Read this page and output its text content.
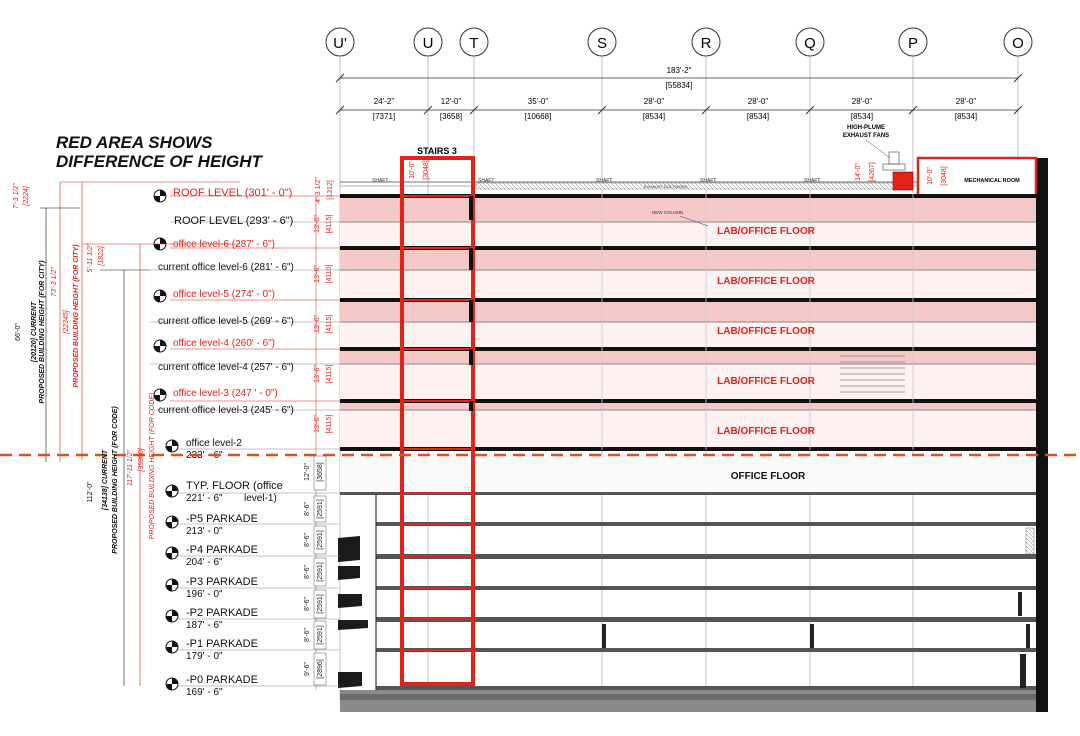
U'	U T	S	R	Q	P	O
183'-2"
[55834]
24'-2"
[7371]
12'-0"
[3658]
35'-0"
[10668]
28'-0"
[8534]
28'-0"
[8534]
28'-0"
[8534]
28'-0"
[8534]
RED AREA SHOWS
DIFFERENCE OF HEIGHT
STAIRS 3
MECHANICAL ROOM
HIGH-PLUME
EXHAUST FANS
SHAFT	SHAFT	SHAFT	SHAFT	SHAFT
EXHAUST DUCTWORK
NEW COLUMN
10'-0" [3048]	14'-0" [4267]	10'-0" [3048]
4'-3 1/2" [1312]
LAB/OFFICE FLOOR
LAB/OFFICE FLOOR
LAB/OFFICE FLOOR
LAB/OFFICE FLOOR
LAB/OFFICE FLOOR
OFFICE FLOOR
13'-6" [4115]
13'-6" [4110]
13'-6" [4115]
13'-6" [4115]
13'-6" [4115]
12'-0" [3658]
8'-6" [2591]
8'-6" [2591]
8'-6" [2591]
8'-6" [2591]
8'-6" [2591]
9'-6" [2896]
ROOF LEVEL (301' - 0")
office level-6 (287' - 6")
office level-5 (274' - 0")
office level-4 (260' - 6")
office level-3 (247 ' - 0")
ROOF LEVEL (293' - 6")
current office level-6 (281' - 6")
current office level-5 (269' - 6")
current office level-4 (257' - 6")
current office level-3 (245' - 6")
office level-2
233' - 6"
TYP. FLOOR (office
221' - 6" level-1)
-P5 PARKADE
213' - 0"
-P4 PARKADE
204' - 6"
-P3 PARKADE
196' - 0"
-P2 PARKADE
187' - 6"
-P1 PARKADE
179' - 0"
-P0 PARKADE
169' - 6"
7'-3 1/2" [2224]
66'-0" [20120] CURRENT PROPOSED BUILDING HEIGHT (FOR CITY) 73'-3 1/2"
[22345] PROPOSED BUILDING HEIGHT (FOR CITY) 5'-11 1/2" [1822]
112'-0" [34138] CURRENT PROPOSED BUILDING HEIGHT (FOR CODE) 117'-11 1/2" [35960] PROPOSED BUILDING HEIGHT (FOR CODE)
